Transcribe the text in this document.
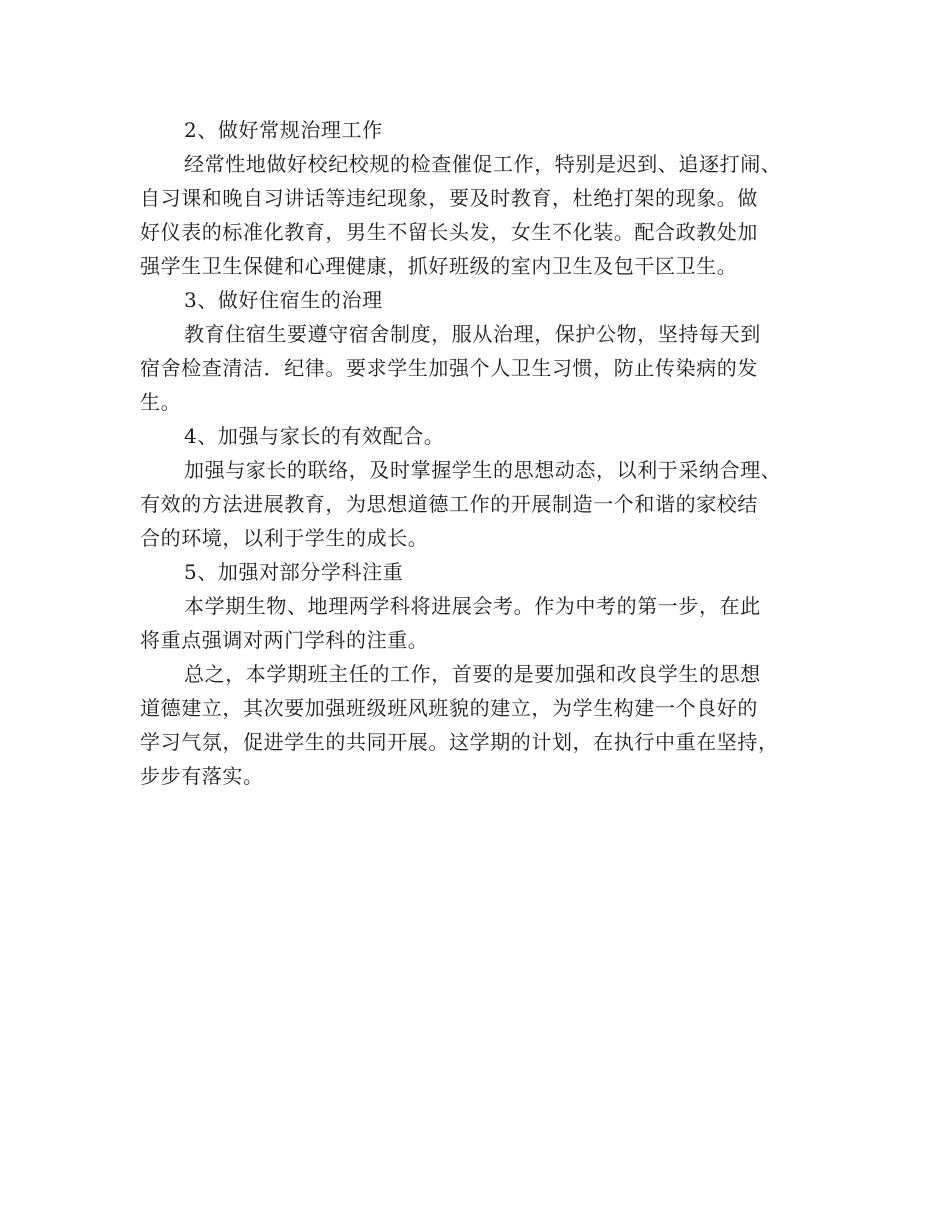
2、做好常规治理工作
经常性地做好校纪校规的检查催促工作，特别是迟到、追逐打闹、
自习课和晚自习讲话等违纪现象，要及时教育，杜绝打架的现象。做
好仪表的标准化教育，男生不留长头发，女生不化装。配合政教处加
强学生卫生保健和心理健康，抓好班级的室内卫生及包干区卫生。
3、做好住宿生的治理
教育住宿生要遵守宿舍制度，服从治理，保护公物，坚持每天到
宿舍检查清洁．纪律。要求学生加强个人卫生习惯，防止传染病的发
生。
4、加强与家长的有效配合。
加强与家长的联络，及时掌握学生的思想动态，以利于采纳合理、
有效的方法进展教育，为思想道德工作的开展制造一个和谐的家校结
合的环境，以利于学生的成长。
5、加强对部分学科注重
本学期生物、地理两学科将进展会考。作为中考的第一步，在此
将重点强调对两门学科的注重。
总之，本学期班主任的工作，首要的是要加强和改良学生的思想
道德建立，其次要加强班级班风班貌的建立，为学生构建一个良好的
学习气氛，促进学生的共同开展。这学期的计划，在执行中重在坚持，
步步有落实。
